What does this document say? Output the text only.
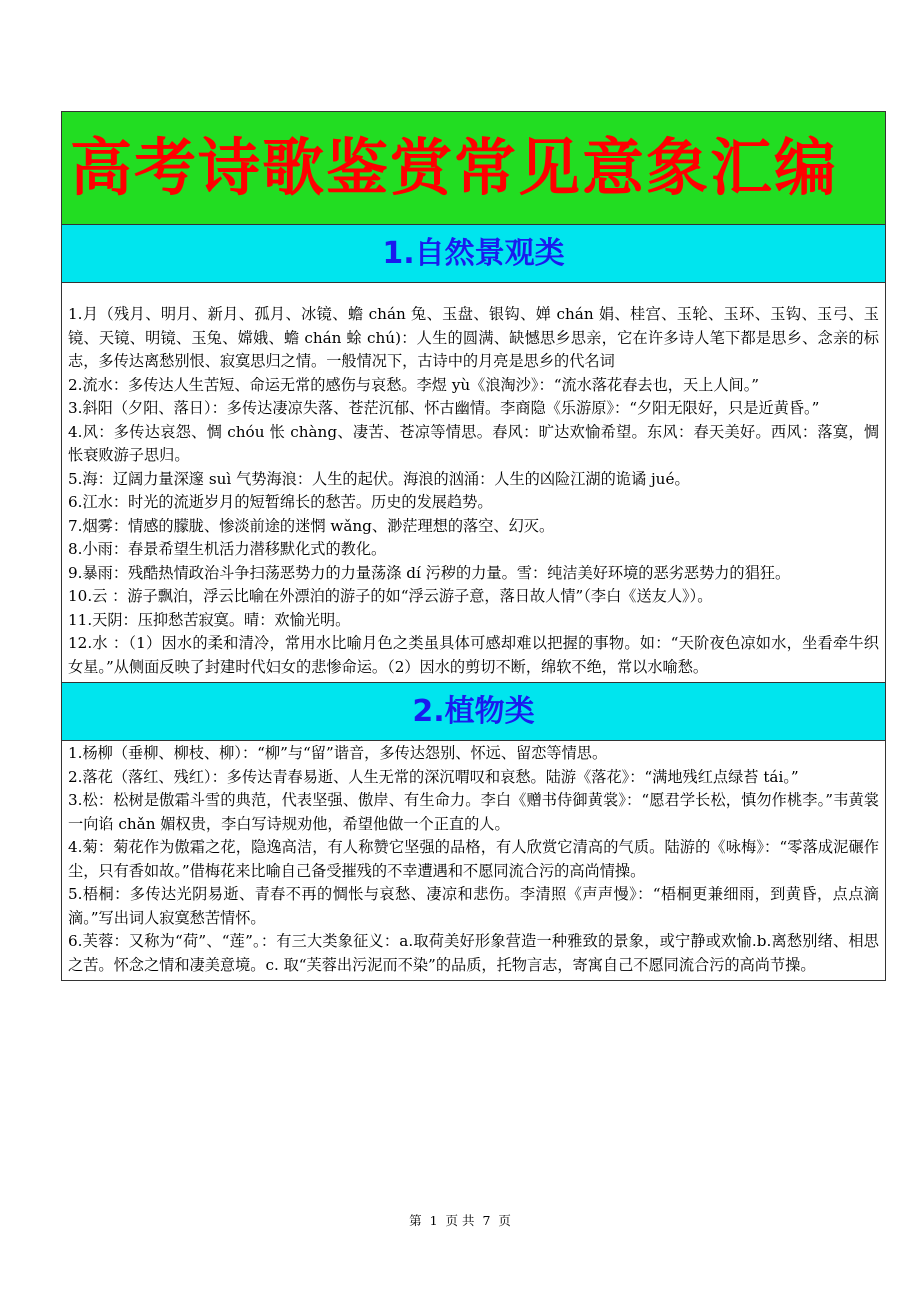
高考诗歌鉴赏常见意象汇编
1.自然景观类

1.月（残月、明月、新月、孤月、冰镜、蟾 chán 兔、玉盘、银钩、婵 chán 娟、桂宫、玉轮、玉环、玉钩、玉弓、玉镜、天镜、明镜、玉兔、嫦娥、蟾 chán 蜍 chú)：人生的圆满、缺憾思乡思亲，它在许多诗人笔下都是思乡、念亲的标志，多传达离愁别恨、寂寞思归之情。一般情况下，古诗中的月亮是思乡的代名词

2.流水：多传达人生苦短、命运无常的感伤与哀愁。李煜 yù《浪淘沙》：“流水落花春去也，天上人间。”

3.斜阳（夕阳、落日）：多传达凄凉失落、苍茫沉郁、怀古幽情。李商隐《乐游原》：“夕阳无限好，只是近黄昏。”

4.风：多传达哀怨、惆 chóu 怅 chàng、凄苦、苍凉等情思。春风：旷达欢愉希望。东风：春天美好。西风：落寞，惆怅衰败游子思归。

5.海：辽阔力量深邃 suì 气势海浪：人生的起伏。海浪的汹涌：人生的凶险江湖的诡谲 jué。

6.江水：时光的流逝岁月的短暂绵长的愁苦。历史的发展趋势。

7.烟雾：情感的朦胧、惨淡前途的迷惘 wǎng、渺茫理想的落空、幻灭。

8.小雨：春景希望生机活力潜移默化式的教化。

9.暴雨：残酷热情政治斗争扫荡恶势力的力量荡涤 dí 污秽的力量。雪：纯洁美好环境的恶劣恶势力的猖狂。

10.云 ：游子飘泊，浮云比喻在外漂泊的游子的如“浮云游子意，落日故人情”（李白《送友人》）。

11.天阴：压抑愁苦寂寞。晴：欢愉光明。

12.水 ：（1）因水的柔和清冷，常用水比喻月色之类虽具体可感却难以把握的事物。如：“天阶夜色凉如水，坐看牵牛织女星。”从侧面反映了封建时代妇女的悲惨命运。（2）因水的剪切不断，绵软不绝，常以水喻愁。

2.植物类

1.杨柳（垂柳、柳枝、柳）：“柳”与“留”谐音，多传达怨别、怀远、留恋等情思。

2.落花（落红、残红）：多传达青春易逝、人生无常的深沉喟叹和哀愁。陆游《落花》：“满地残红点绿苔 tái。”

3.松：松树是傲霜斗雪的典范，代表坚强、傲岸、有生命力。李白《赠书侍御黄裳》：“愿君学长松，慎勿作桃李。”韦黄裳一向谄 chǎn 媚权贵，李白写诗规劝他，希望他做一个正直的人。

4.菊：菊花作为傲霜之花，隐逸高洁，有人称赞它坚强的品格，有人欣赏它清高的气质。陆游的《咏梅》：“零落成泥碾作尘，只有香如故。”借梅花来比喻自己备受摧残的不幸遭遇和不愿同流合污的高尚情操。

5.梧桐：多传达光阴易逝、青春不再的惆怅与哀愁、凄凉和悲伤。李清照《声声慢》：“梧桐更兼细雨，到黄昏，点点滴滴。”写出词人寂寞愁苦情怀。

6.芙蓉：又称为“荷”、“莲”。：有三大类象征义：a.取荷美好形象营造一种雅致的景象，或宁静或欢愉.b.离愁别绪、相思之苦。怀念之情和凄美意境。c. 取“芙蓉出污泥而不染”的品质，托物言志，寄寓自己不愿同流合污的高尚节操。

第 1 页 共 7 页
